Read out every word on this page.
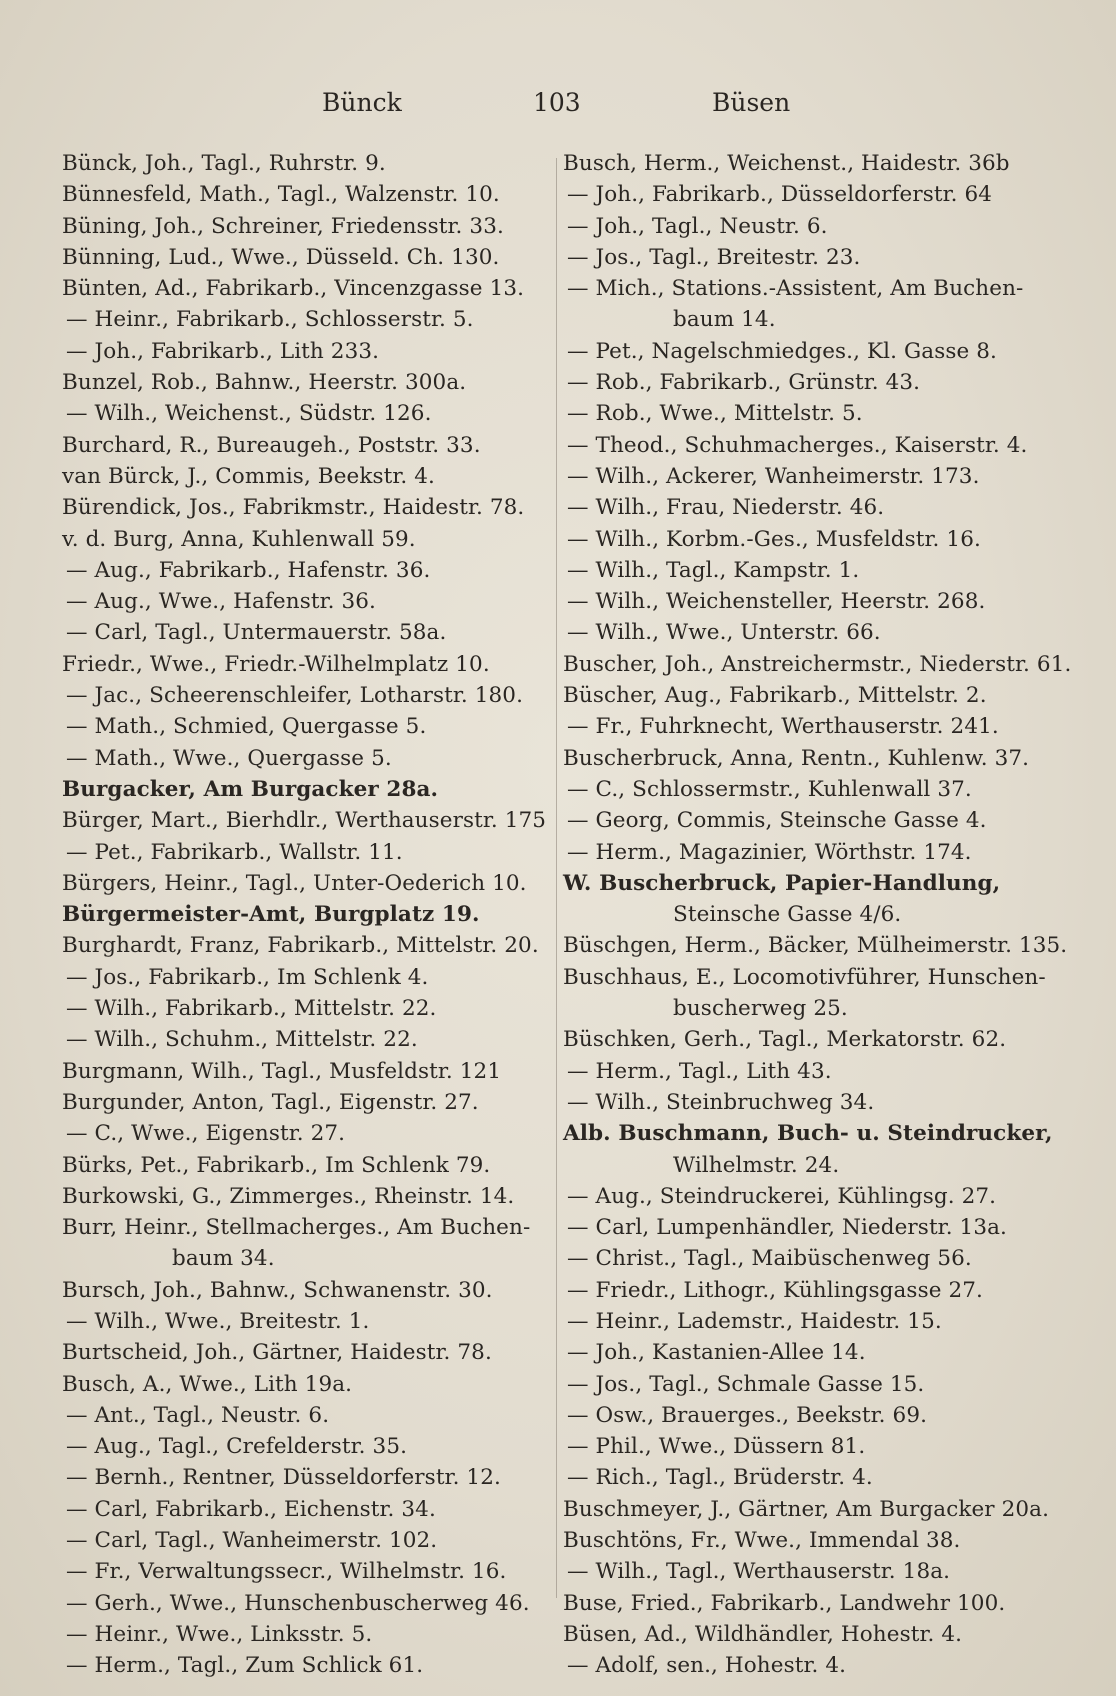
Bünck	103	Büsen
Bünck, Joh., Tagl., Ruhrstr. 9.
Bünnesfeld, Math., Tagl., Walzenstr. 10.
Büning, Joh., Schreiner, Friedensstr. 33.
Bünning, Lud., Wwe., Düsseld. Ch. 130.
Bünten, Ad., Fabrikarb., Vincenzgasse 13.
— Heinr., Fabrikarb., Schlosserstr. 5.
— Joh., Fabrikarb., Lith 233.
Bunzel, Rob., Bahnw., Heerstr. 300a.
— Wilh., Weichenst., Südstr. 126.
Burchard, R., Bureaugeh., Poststr. 33.
van Bürck, J., Commis, Beekstr. 4.
Bürendick, Jos., Fabrikmstr., Haidestr. 78.
v. d. Burg, Anna, Kuhlenwall 59.
— Aug., Fabrikarb., Hafenstr. 36.
— Aug., Wwe., Hafenstr. 36.
— Carl, Tagl., Untermauerstr. 58a.
Friedr., Wwe., Friedr.-Wilhelmplatz 10.
— Jac., Scheerenschleifer, Lotharstr. 180.
— Math., Schmied, Quergasse 5.
— Math., Wwe., Quergasse 5.
Burgacker, Am Burgacker 28a.
Bürger, Mart., Bierhdlr., Werthauserstr. 175
— Pet., Fabrikarb., Wallstr. 11.
Bürgers, Heinr., Tagl., Unter-Oederich 10.
Bürgermeister-Amt, Burgplatz 19.
Burghardt, Franz, Fabrikarb., Mittelstr. 20.
— Jos., Fabrikarb., Im Schlenk 4.
— Wilh., Fabrikarb., Mittelstr. 22.
— Wilh., Schuhm., Mittelstr. 22.
Burgmann, Wilh., Tagl., Musfeldstr. 121
Burgunder, Anton, Tagl., Eigenstr. 27.
— C., Wwe., Eigenstr. 27.
Bürks, Pet., Fabrikarb., Im Schlenk 79.
Burkowski, G., Zimmerges., Rheinstr. 14.
Burr, Heinr., Stellmacherges., Am Buchen-
baum 34.
Bursch, Joh., Bahnw., Schwanenstr. 30.
— Wilh., Wwe., Breitestr. 1.
Burtscheid, Joh., Gärtner, Haidestr. 78.
Busch, A., Wwe., Lith 19a.
— Ant., Tagl., Neustr. 6.
— Aug., Tagl., Crefelderstr. 35.
— Bernh., Rentner, Düsseldorferstr. 12.
— Carl, Fabrikarb., Eichenstr. 34.
— Carl, Tagl., Wanheimerstr. 102.
— Fr., Verwaltungssecr., Wilhelmstr. 16.
— Gerh., Wwe., Hunschenbuscherweg 46.
— Heinr., Wwe., Linksstr. 5.
— Herm., Tagl., Zum Schlick 61.
Busch, Herm., Weichenst., Haidestr. 36b
— Joh., Fabrikarb., Düsseldorferstr. 64
— Joh., Tagl., Neustr. 6.
— Jos., Tagl., Breitestr. 23.
— Mich., Stations.-Assistent, Am Buchen-
baum 14.
— Pet., Nagelschmiedges., Kl. Gasse 8.
— Rob., Fabrikarb., Grünstr. 43.
— Rob., Wwe., Mittelstr. 5.
— Theod., Schuhmacherges., Kaiserstr. 4.
— Wilh., Ackerer, Wanheimerstr. 173.
— Wilh., Frau, Niederstr. 46.
— Wilh., Korbm.-Ges., Musfeldstr. 16.
— Wilh., Tagl., Kampstr. 1.
— Wilh., Weichensteller, Heerstr. 268.
— Wilh., Wwe., Unterstr. 66.
Buscher, Joh., Anstreichermstr., Niederstr. 61.
Büscher, Aug., Fabrikarb., Mittelstr. 2.
— Fr., Fuhrknecht, Werthauserstr. 241.
Buscherbruck, Anna, Rentn., Kuhlenw. 37.
— C., Schlossermstr., Kuhlenwall 37.
— Georg, Commis, Steinsche Gasse 4.
— Herm., Magazinier, Wörthstr. 174.
W. Buscherbruck, Papier-Handlung,
Steinsche Gasse 4/6.
Büschgen, Herm., Bäcker, Mülheimerstr. 135.
Buschhaus, E., Locomotivführer, Hunschen-
buscherweg 25.
Büschken, Gerh., Tagl., Merkatorstr. 62.
— Herm., Tagl., Lith 43.
— Wilh., Steinbruchweg 34.
Alb. Buschmann, Buch- u. Steindrucker,
Wilhelmstr. 24.
— Aug., Steindruckerei, Kühlingsg. 27.
— Carl, Lumpenhändler, Niederstr. 13a.
— Christ., Tagl., Maibüschenweg 56.
— Friedr., Lithogr., Kühlingsgasse 27.
— Heinr., Lademstr., Haidestr. 15.
— Joh., Kastanien-Allee 14.
— Jos., Tagl., Schmale Gasse 15.
— Osw., Brauerges., Beekstr. 69.
— Phil., Wwe., Düssern 81.
— Rich., Tagl., Brüderstr. 4.
Buschmeyer, J., Gärtner, Am Burgacker 20a.
Buschtöns, Fr., Wwe., Immendal 38.
— Wilh., Tagl., Werthauserstr. 18a.
Buse, Fried., Fabrikarb., Landwehr 100.
Büsen, Ad., Wildhändler, Hohestr. 4.
— Adolf, sen., Hohestr. 4.
